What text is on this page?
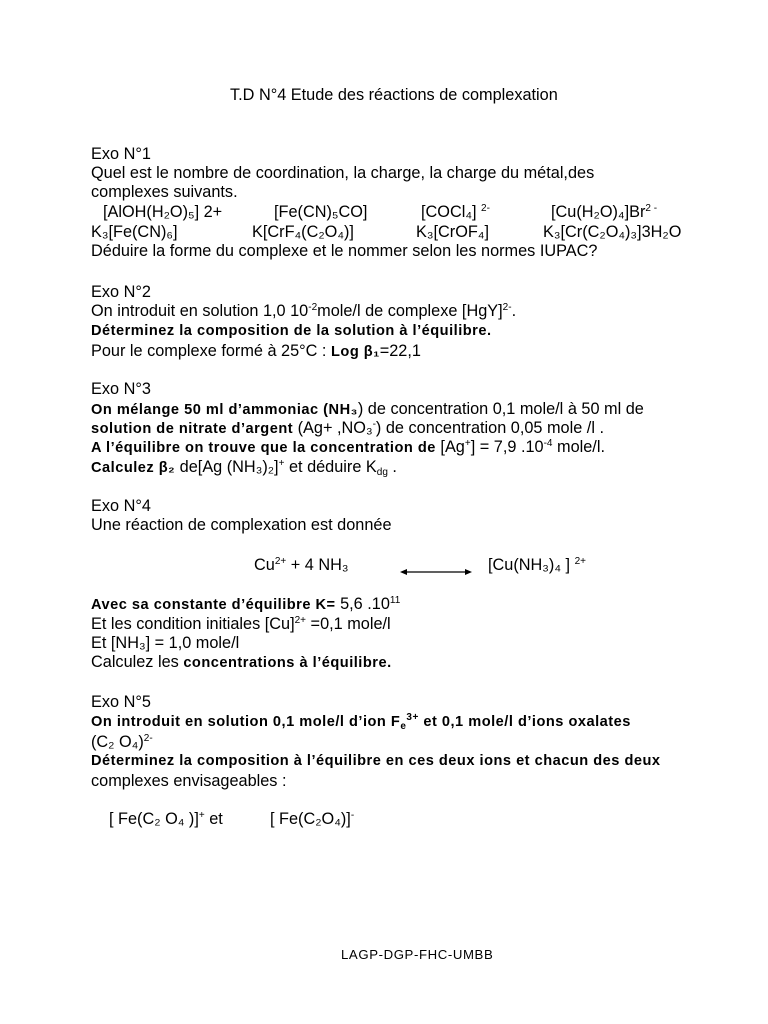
T.D N°4 Etude des réactions de complexation
Exo N°1
Quel est le nombre de coordination, la charge, la charge du métal,des
complexes suivants.
[AlOH(H₂O)₅] 2+	[Fe(CN)₅CO]	[COCl₄] $^{2-}$	$[Cu(H_2O)_4]Br^{2 -}$
K₃[Fe(CN)₆]	K[CrF₄(C₂O₄)]	K₃[CrOF₄]	K₃[Cr(C₂O₄)₃]3H₂O
Déduire la forme du complexe et le nommer selon les normes IUPAC?
Exo N°2
On introduit en solution 1,0 $10^{-2}mole/l$ de complexe [HgY]$^{2-}$.
Déterminez la composition de la solution à l’équilibre.
Pour le complexe formé à 25°C : Log β₁=22,1
Exo N°3
On mélange 50 ml d’ammoniac (NH₃) de concentration 0,1 mole/l à 50 ml de
solution de nitrate d’argent (Ag+ ,NO₃-) de concentration 0,05 mole /l .
A l’équilibre on trouve que la concentration de [Ag+] = 7,9 $.10^{-4}$ mole/l.
Calculez β₂ de[Ag (NH₃)₂]+ et déduire $K_{dg}$ .
Exo N°4
Une réaction de complexation est donnée
$Cu^{2+} + 4$ NH₃	[Cu(NH₃)₄ ] $^{2+}$
Avec sa constante d’équilibre K= 5,6 $.10^{11}$
Et les condition initiales $[Cu]^{2+} =0,1$ mole/l
Et [NH₃] = 1,0 mole/l
Calculez les concentrations à l’équilibre.
Exo N°5
On introduit en solution 0,1 mole/l d’ion $F_e^{3+}$ et 0,1 mole/l d’ions oxalates
(C₂ O₄)$^{2-}$
Déterminez la composition à l’équilibre en ces deux ions et chacun des deux
complexes envisageables :
[ Fe(C₂ O₄ )]+ et	[ Fe(C₂O₄)]-
LAGP-DGP-FHC-UMBB
